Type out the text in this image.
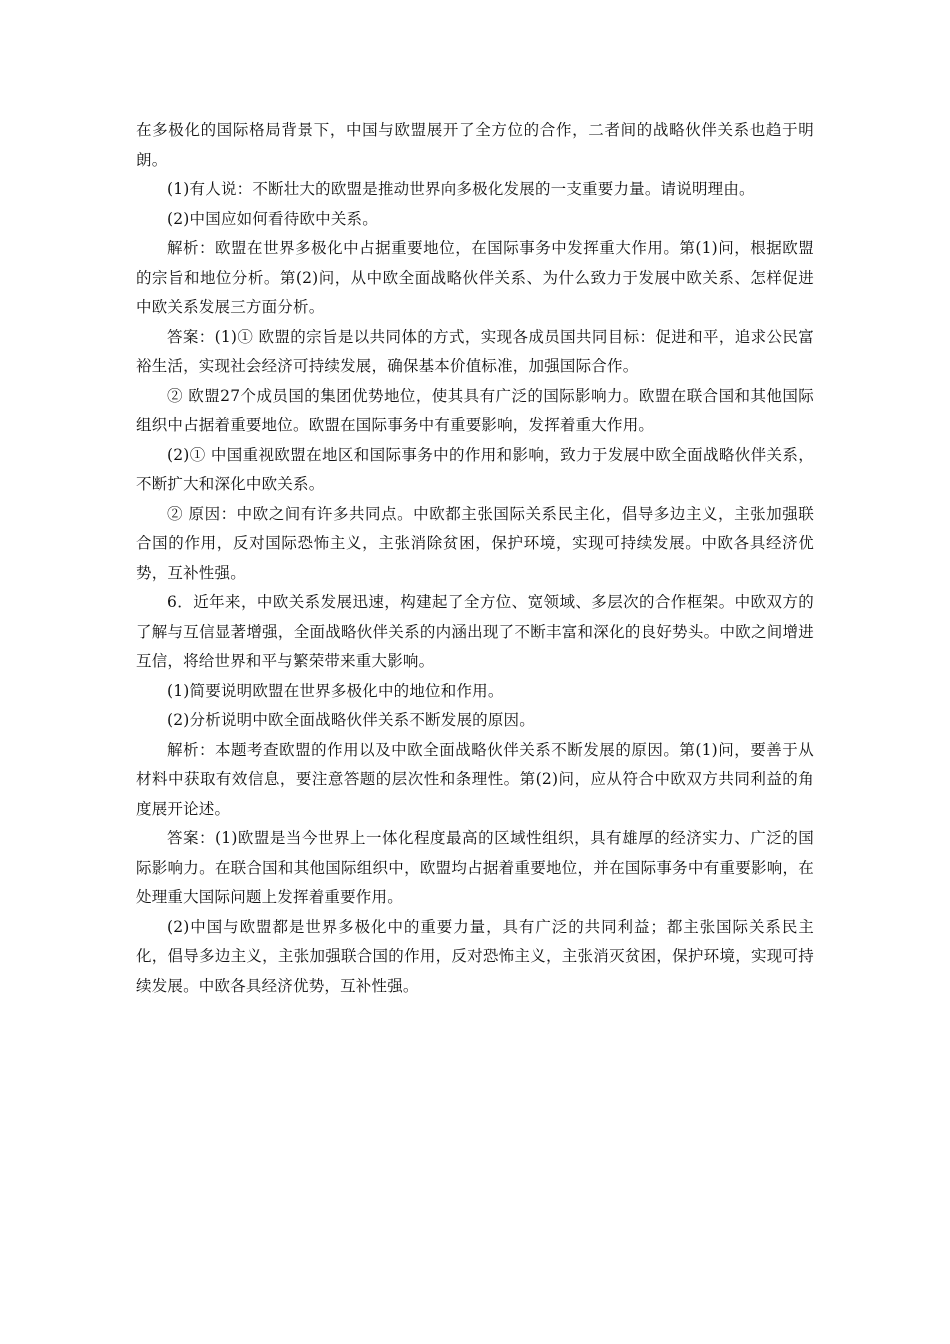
在多极化的国际格局背景下，中国与欧盟展开了全方位的合作，二者间的战略伙伴关系也趋于明朗。

(1)有人说：不断壮大的欧盟是推动世界向多极化发展的一支重要力量。请说明理由。

(2)中国应如何看待欧中关系。

解析：欧盟在世界多极化中占据重要地位，在国际事务中发挥重大作用。第(1)问，根据欧盟的宗旨和地位分析。第(2)问，从中欧全面战略伙伴关系、为什么致力于发展中欧关系、怎样促进中欧关系发展三方面分析。

答案：(1)① 欧盟的宗旨是以共同体的方式，实现各成员国共同目标：促进和平，追求公民富裕生活，实现社会经济可持续发展，确保基本价值标准，加强国际合作。

② 欧盟27个成员国的集团优势地位，使其具有广泛的国际影响力。欧盟在联合国和其他国际组织中占据着重要地位。欧盟在国际事务中有重要影响，发挥着重大作用。

(2)① 中国重视欧盟在地区和国际事务中的作用和影响，致力于发展中欧全面战略伙伴关系，不断扩大和深化中欧关系。

② 原因：中欧之间有许多共同点。中欧都主张国际关系民主化，倡导多边主义，主张加强联合国的作用，反对国际恐怖主义，主张消除贫困，保护环境，实现可持续发展。中欧各具经济优势，互补性强。

6．近年来，中欧关系发展迅速，构建起了全方位、宽领域、多层次的合作框架。中欧双方的了解与互信显著增强，全面战略伙伴关系的内涵出现了不断丰富和深化的良好势头。中欧之间增进互信，将给世界和平与繁荣带来重大影响。

(1)简要说明欧盟在世界多极化中的地位和作用。

(2)分析说明中欧全面战略伙伴关系不断发展的原因。

解析：本题考查欧盟的作用以及中欧全面战略伙伴关系不断发展的原因。第(1)问，要善于从材料中获取有效信息，要注意答题的层次性和条理性。第(2)问，应从符合中欧双方共同利益的角度展开论述。

答案：(1)欧盟是当今世界上一体化程度最高的区域性组织，具有雄厚的经济实力、广泛的国际影响力。在联合国和其他国际组织中，欧盟均占据着重要地位，并在国际事务中有重要影响，在处理重大国际问题上发挥着重要作用。

(2)中国与欧盟都是世界多极化中的重要力量，具有广泛的共同利益；都主张国际关系民主化，倡导多边主义，主张加强联合国的作用，反对恐怖主义，主张消灭贫困，保护环境，实现可持续发展。中欧各具经济优势，互补性强。
